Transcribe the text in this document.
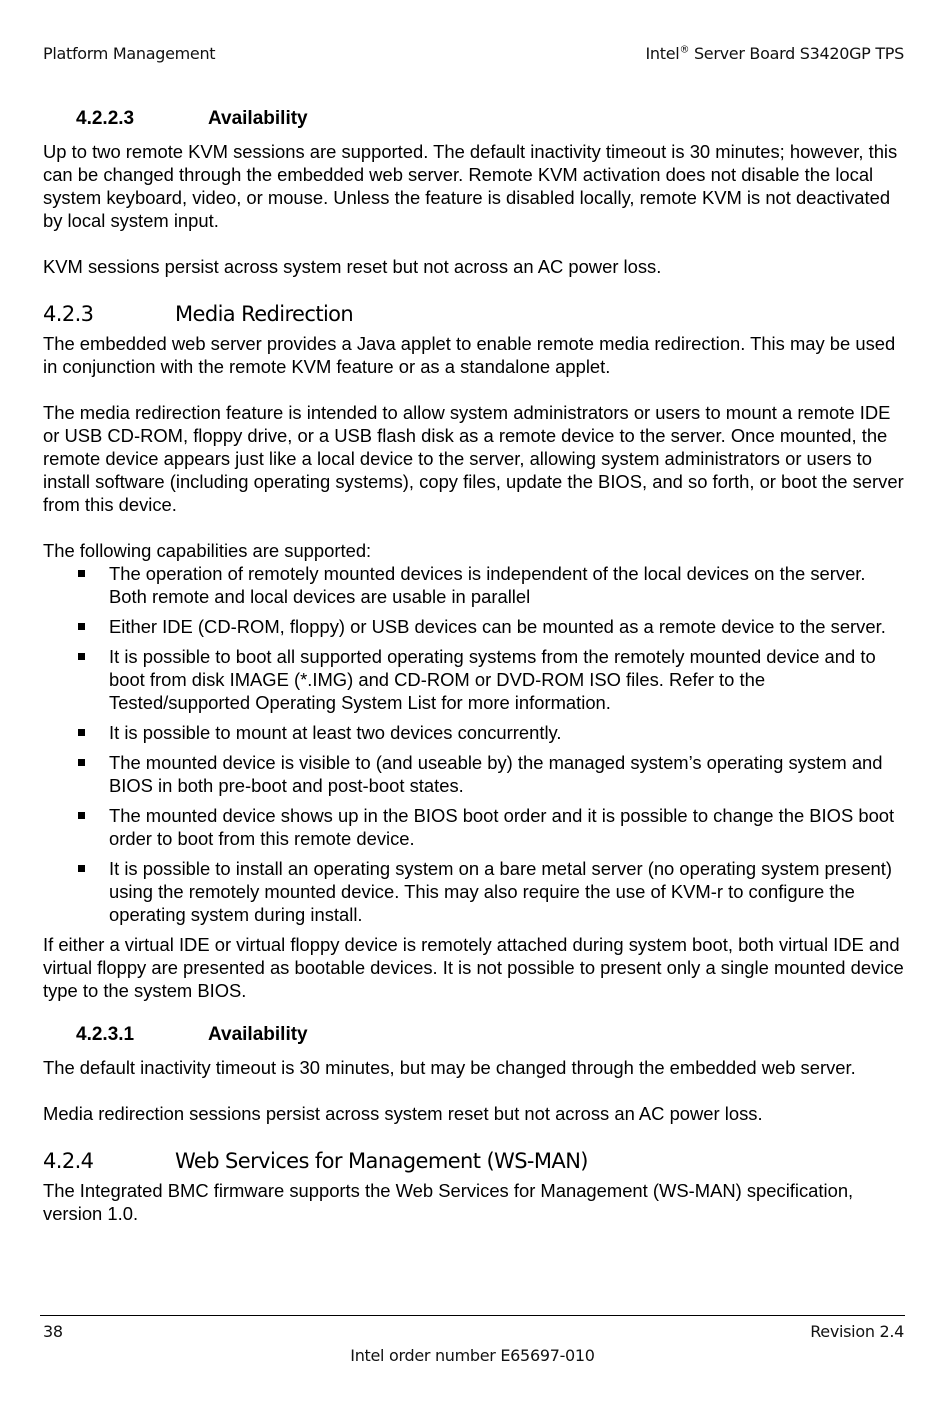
Platform Management	Intel® Server Board S3420GP TPS
4.2.2.3	Availability

Up to two remote KVM sessions are supported. The default inactivity timeout is 30 minutes; however, this can be changed through the embedded web server. Remote KVM activation does not disable the local system keyboard, video, or mouse. Unless the feature is disabled locally, remote KVM is not deactivated by local system input.

KVM sessions persist across system reset but not across an AC power loss.

4.2.3	Media Redirection

The embedded web server provides a Java applet to enable remote media redirection. This may be used in conjunction with the remote KVM feature or as a standalone applet.

The media redirection feature is intended to allow system administrators or users to mount a remote IDE or USB CD-ROM, floppy drive, or a USB flash disk as a remote device to the server. Once mounted, the remote device appears just like a local device to the server, allowing system administrators or users to install software (including operating systems), copy files, update the BIOS, and so forth, or boot the server from this device.

The following capabilities are supported:

The operation of remotely mounted devices is independent of the local devices on the server. Both remote and local devices are usable in parallel
Either IDE (CD-ROM, floppy) or USB devices can be mounted as a remote device to the server.
It is possible to boot all supported operating systems from the remotely mounted device and to boot from disk IMAGE (*.IMG) and CD-ROM or DVD-ROM ISO files. Refer to the Tested/supported Operating System List for more information.
It is possible to mount at least two devices concurrently.
The mounted device is visible to (and useable by) the managed system’s operating system and BIOS in both pre-boot and post-boot states.
The mounted device shows up in the BIOS boot order and it is possible to change the BIOS boot order to boot from this remote device.
It is possible to install an operating system on a bare metal server (no operating system present) using the remotely mounted device. This may also require the use of KVM-r to configure the operating system during install.

If either a virtual IDE or virtual floppy device is remotely attached during system boot, both virtual IDE and virtual floppy are presented as bootable devices. It is not possible to present only a single mounted device type to the system BIOS.

4.2.3.1	Availability

The default inactivity timeout is 30 minutes, but may be changed through the embedded web server.

Media redirection sessions persist across system reset but not across an AC power loss.

4.2.4	Web Services for Management (WS-MAN)

The Integrated BMC firmware supports the Web Services for Management (WS-MAN) specification, version 1.0.

38	Revision 2.4
Intel order number E65697-010
